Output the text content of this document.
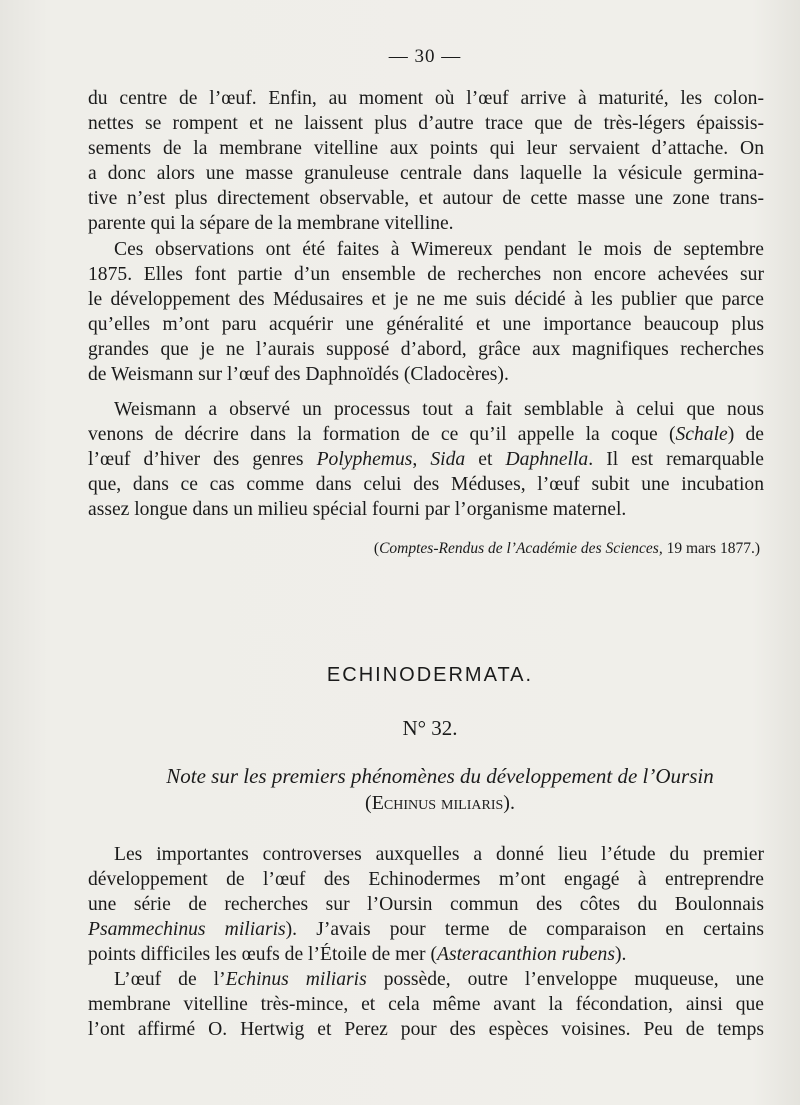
— 30 —
du centre de l’œuf. Enfin, au moment où l’œuf arrive à maturité, les colon-
nettes se rompent et ne laissent plus d’autre trace que de très-légers épaissis-
sements de la membrane vitelline aux points qui leur servaient d’attache. On
a donc alors une masse granuleuse centrale dans laquelle la vésicule germina-
tive n’est plus directement observable, et autour de cette masse une zone trans-
parente qui la sépare de la membrane vitelline.
Ces observations ont été faites à Wimereux pendant le mois de septembre
1875. Elles font partie d’un ensemble de recherches non encore achevées sur
le développement des Médusaires et je ne me suis décidé à les publier que parce
qu’elles m’ont paru acquérir une généralité et une importance beaucoup plus
grandes que je ne l’aurais supposé d’abord, grâce aux magnifiques recherches
de Weismann sur l’œuf des Daphnoïdés (Cladocères).
Weismann a observé un processus tout a fait semblable à celui que nous
venons de décrire dans la formation de ce qu’il appelle la coque (Schale) de
l’œuf d’hiver des genres Polyphemus, Sida et Daphnella. Il est remarquable
que, dans ce cas comme dans celui des Méduses, l’œuf subit une incubation
assez longue dans un milieu spécial fourni par l’organisme maternel.
(Comptes-Rendus de l’Académie des Sciences, 19 mars 1877.)
ECHINODERMATA.
N° 32.
Note sur les premiers phénomènes du développement de l’Oursin
(Echinus miliaris).
Les importantes controverses auxquelles a donné lieu l’étude du premier
développement de l’œuf des Echinodermes m’ont engagé à entreprendre
une série de recherches sur l’Oursin commun des côtes du Boulonnais
Psammechinus miliaris). J’avais pour terme de comparaison en certains
points difficiles les œufs de l’Étoile de mer (Asteracanthion rubens).
L’œuf de l’Echinus miliaris possède, outre l’enveloppe muqueuse, une
membrane vitelline très-mince, et cela même avant la fécondation, ainsi que
l’ont affirmé O. Hertwig et Perez pour des espèces voisines. Peu de temps
